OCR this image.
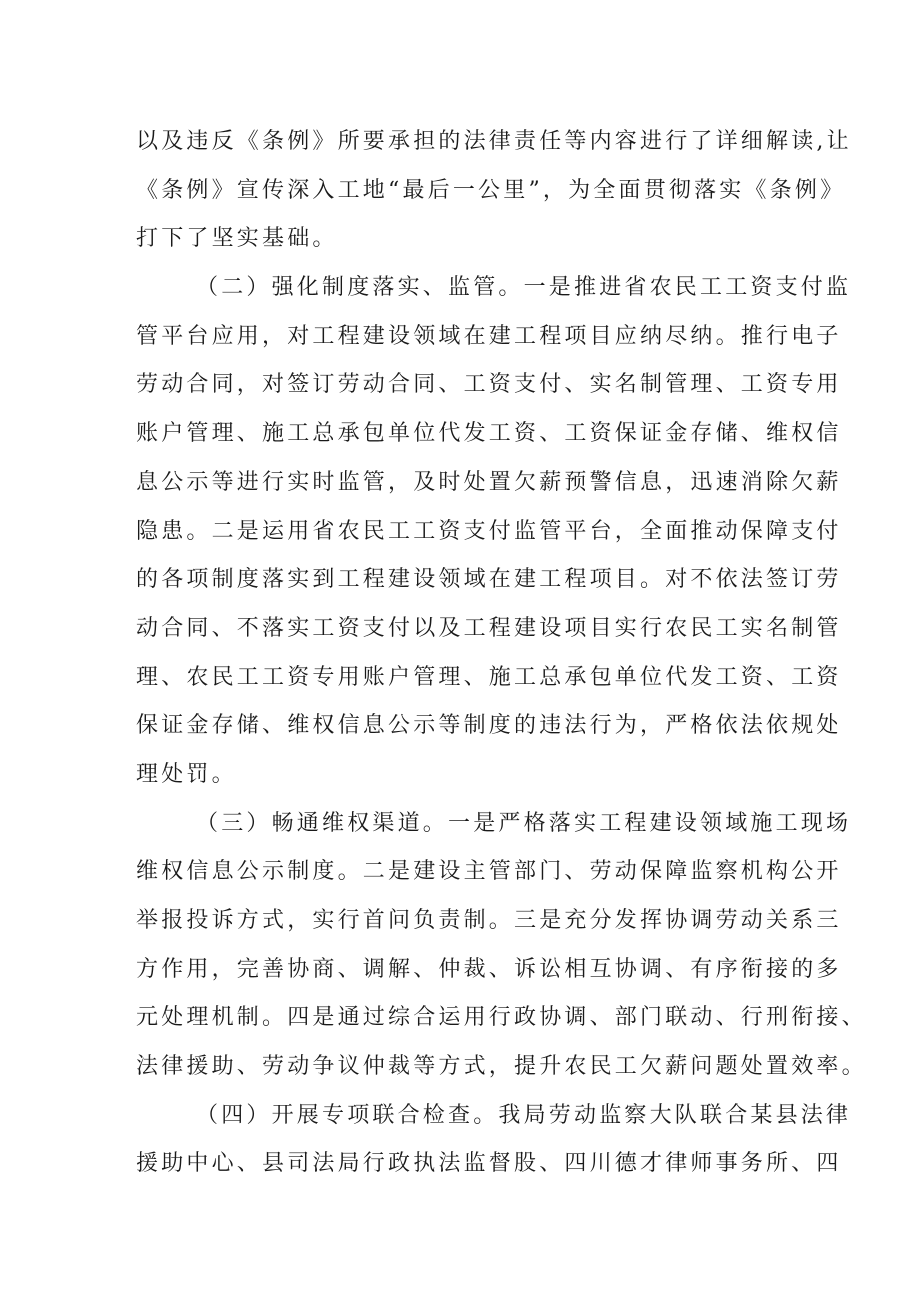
以及违反《条例》所要承担的法律责任等内容进行了详细解读,让
《条例》宣传深入工地“最后一公里”，为全面贯彻落实《条例》
打下了坚实基础。
（二）强化制度落实、监管。一是推进省农民工工资支付监
管平台应用，对工程建设领域在建工程项目应纳尽纳。推行电子
劳动合同，对签订劳动合同、工资支付、实名制管理、工资专用
账户管理、施工总承包单位代发工资、工资保证金存储、维权信
息公示等进行实时监管，及时处置欠薪预警信息，迅速消除欠薪
隐患。二是运用省农民工工资支付监管平台，全面推动保障支付
的各项制度落实到工程建设领域在建工程项目。对不依法签订劳
动合同、不落实工资支付以及工程建设项目实行农民工实名制管
理、农民工工资专用账户管理、施工总承包单位代发工资、工资
保证金存储、维权信息公示等制度的违法行为，严格依法依规处
理处罚。
（三）畅通维权渠道。一是严格落实工程建设领域施工现场
维权信息公示制度。二是建设主管部门、劳动保障监察机构公开
举报投诉方式，实行首问负责制。三是充分发挥协调劳动关系三
方作用，完善协商、调解、仲裁、诉讼相互协调、有序衔接的多
元处理机制。四是通过综合运用行政协调、部门联动、行刑衔接、
法律援助、劳动争议仲裁等方式，提升农民工欠薪问题处置效率。
（四）开展专项联合检查。我局劳动监察大队联合某县法律
援助中心、县司法局行政执法监督股、四川德才律师事务所、四
